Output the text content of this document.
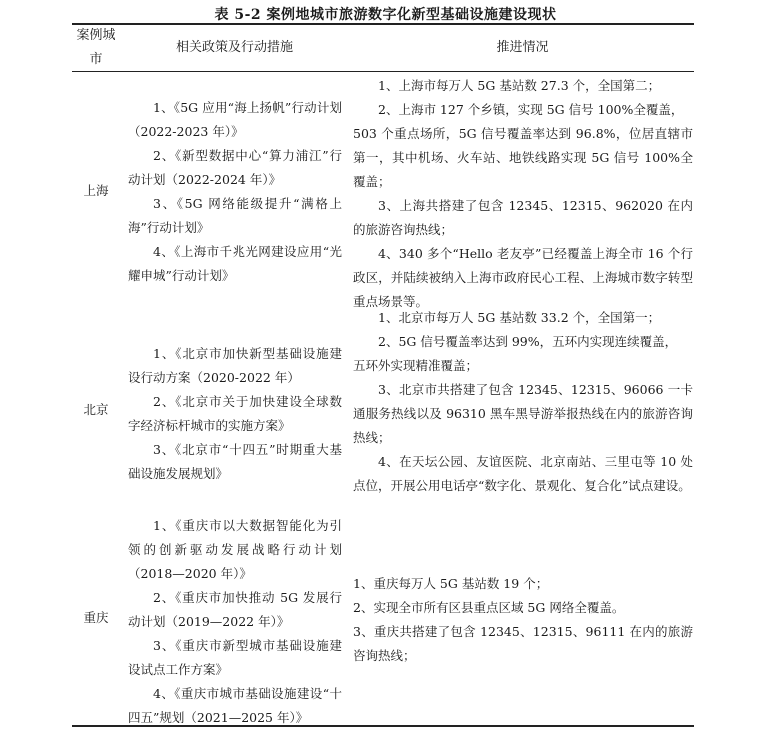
表 5-2 案例地城市旅游数字化新型基础设施建设现状
案例城市
相关政策及行动措施	推进情况
上海
1、《5G 应用“海上扬帆”行动计划（2022-2023 年）》
2、《新型数据中心“算力浦江”行动计划（2022-2024 年）》
3、《5G 网络能级提升“满格上海”行动计划》
4、《上海市千兆光网建设应用“光耀申城”行动计划》
1、上海市每万人 5G 基站数 27.3 个，全国第二；
2、上海市 127 个乡镇，实现 5G 信号 100%全覆盖，
503 个重点场所，5G 信号覆盖率达到 96.8%，位居直辖市第一，其中机场、火车站、地铁线路实现 5G 信号 100%全覆盖；
3、上海共搭建了包含 12345、12315、962020 在内的旅游咨询热线；
4、340 多个“Hello 老友亭”已经覆盖上海全市 16 个行政区，并陆续被纳入上海市政府民心工程、上海城市数字转型重点场景等。
北京
1、《北京市加快新型基础设施建设行动方案（2020-2022 年）
2、《北京市关于加快建设全球数字经济标杆城市的实施方案》
3、《北京市“十四五”时期重大基础设施发展规划》
1、北京市每万人 5G 基站数 33.2 个，全国第一；
2、5G 信号覆盖率达到 99%，五环内实现连续覆盖，
五环外实现精准覆盖；
3、北京市共搭建了包含 12345、12315、96066 一卡通服务热线以及 96310 黑车黑导游举报热线在内的旅游咨询热线；
4、在天坛公园、友谊医院、北京南站、三里屯等 10 处点位，开展公用电话亭“数字化、景观化、复合化”试点建设。
重庆
1、《重庆市以大数据智能化为引领的创新驱动发展战略行动计划（2018—2020 年）》
2、《重庆市加快推动 5G 发展行动计划（2019—2022 年）》
3、《重庆市新型城市基础设施建设试点工作方案》
4、《重庆市城市基础设施建设“十四五”规划（2021—2025 年）》
1、重庆每万人 5G 基站数 19 个；
2、实现全市所有区县重点区域 5G 网络全覆盖。
3、重庆共搭建了包含 12345、12315、96111 在内的旅游咨询热线；
